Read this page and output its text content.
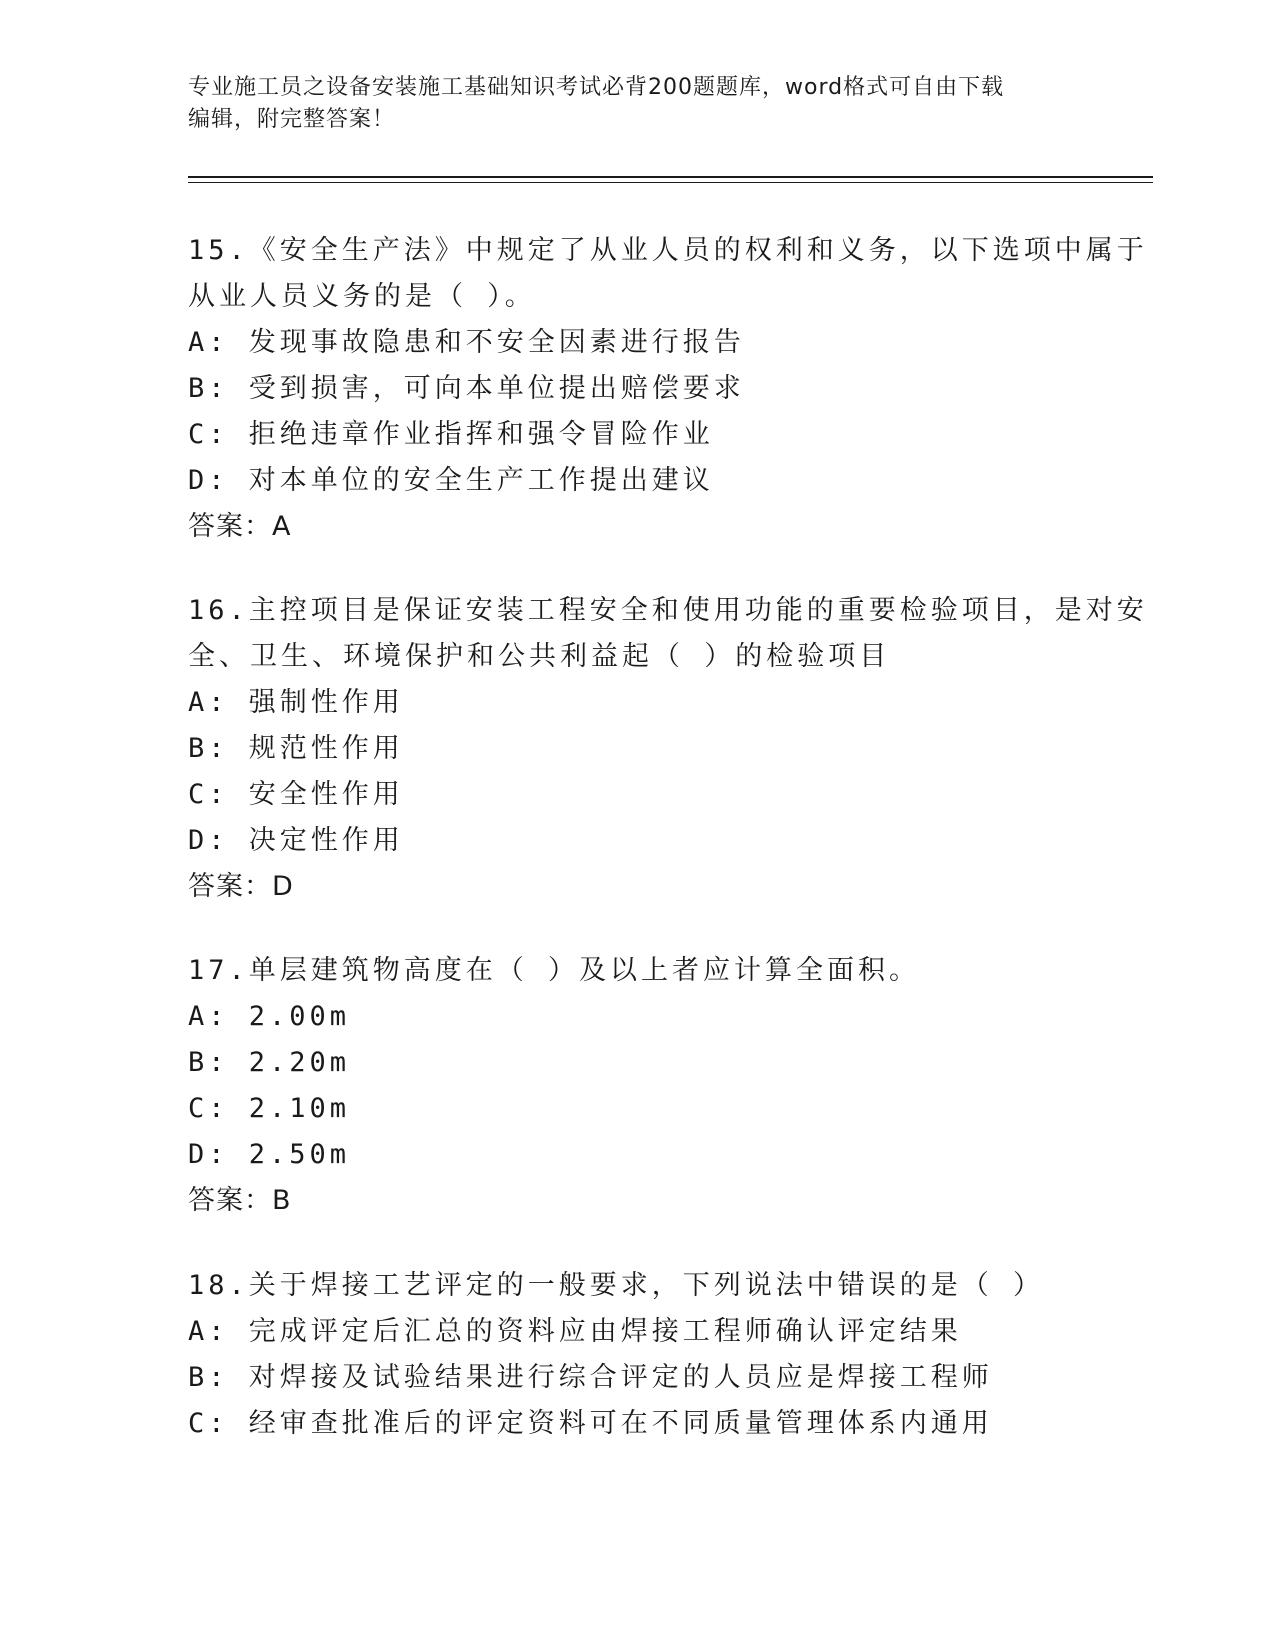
专业施工员之设备安装施工基础知识考试必背200题题库，word格式可自由下载
编辑，附完整答案！
15.《安全生产法》中规定了从业人员的权利和义务，以下选项中属于
从业人员义务的是（ ）。
A: 发现事故隐患和不安全因素进行报告
B: 受到损害，可向本单位提出赔偿要求
C: 拒绝违章作业指挥和强令冒险作业
D: 对本单位的安全生产工作提出建议
答案：A
16.主控项目是保证安装工程安全和使用功能的重要检验项目，是对安
全、卫生、环境保护和公共利益起（ ）的检验项目
A: 强制性作用
B: 规范性作用
C: 安全性作用
D: 决定性作用
答案：D
17.单层建筑物高度在（ ）及以上者应计算全面积。
A: 2.00m
B: 2.20m
C: 2.10m
D: 2.50m
答案：B
18.关于焊接工艺评定的一般要求，下列说法中错误的是（ ）
A: 完成评定后汇总的资料应由焊接工程师确认评定结果
B: 对焊接及试验结果进行综合评定的人员应是焊接工程师
C: 经审查批准后的评定资料可在不同质量管理体系内通用
